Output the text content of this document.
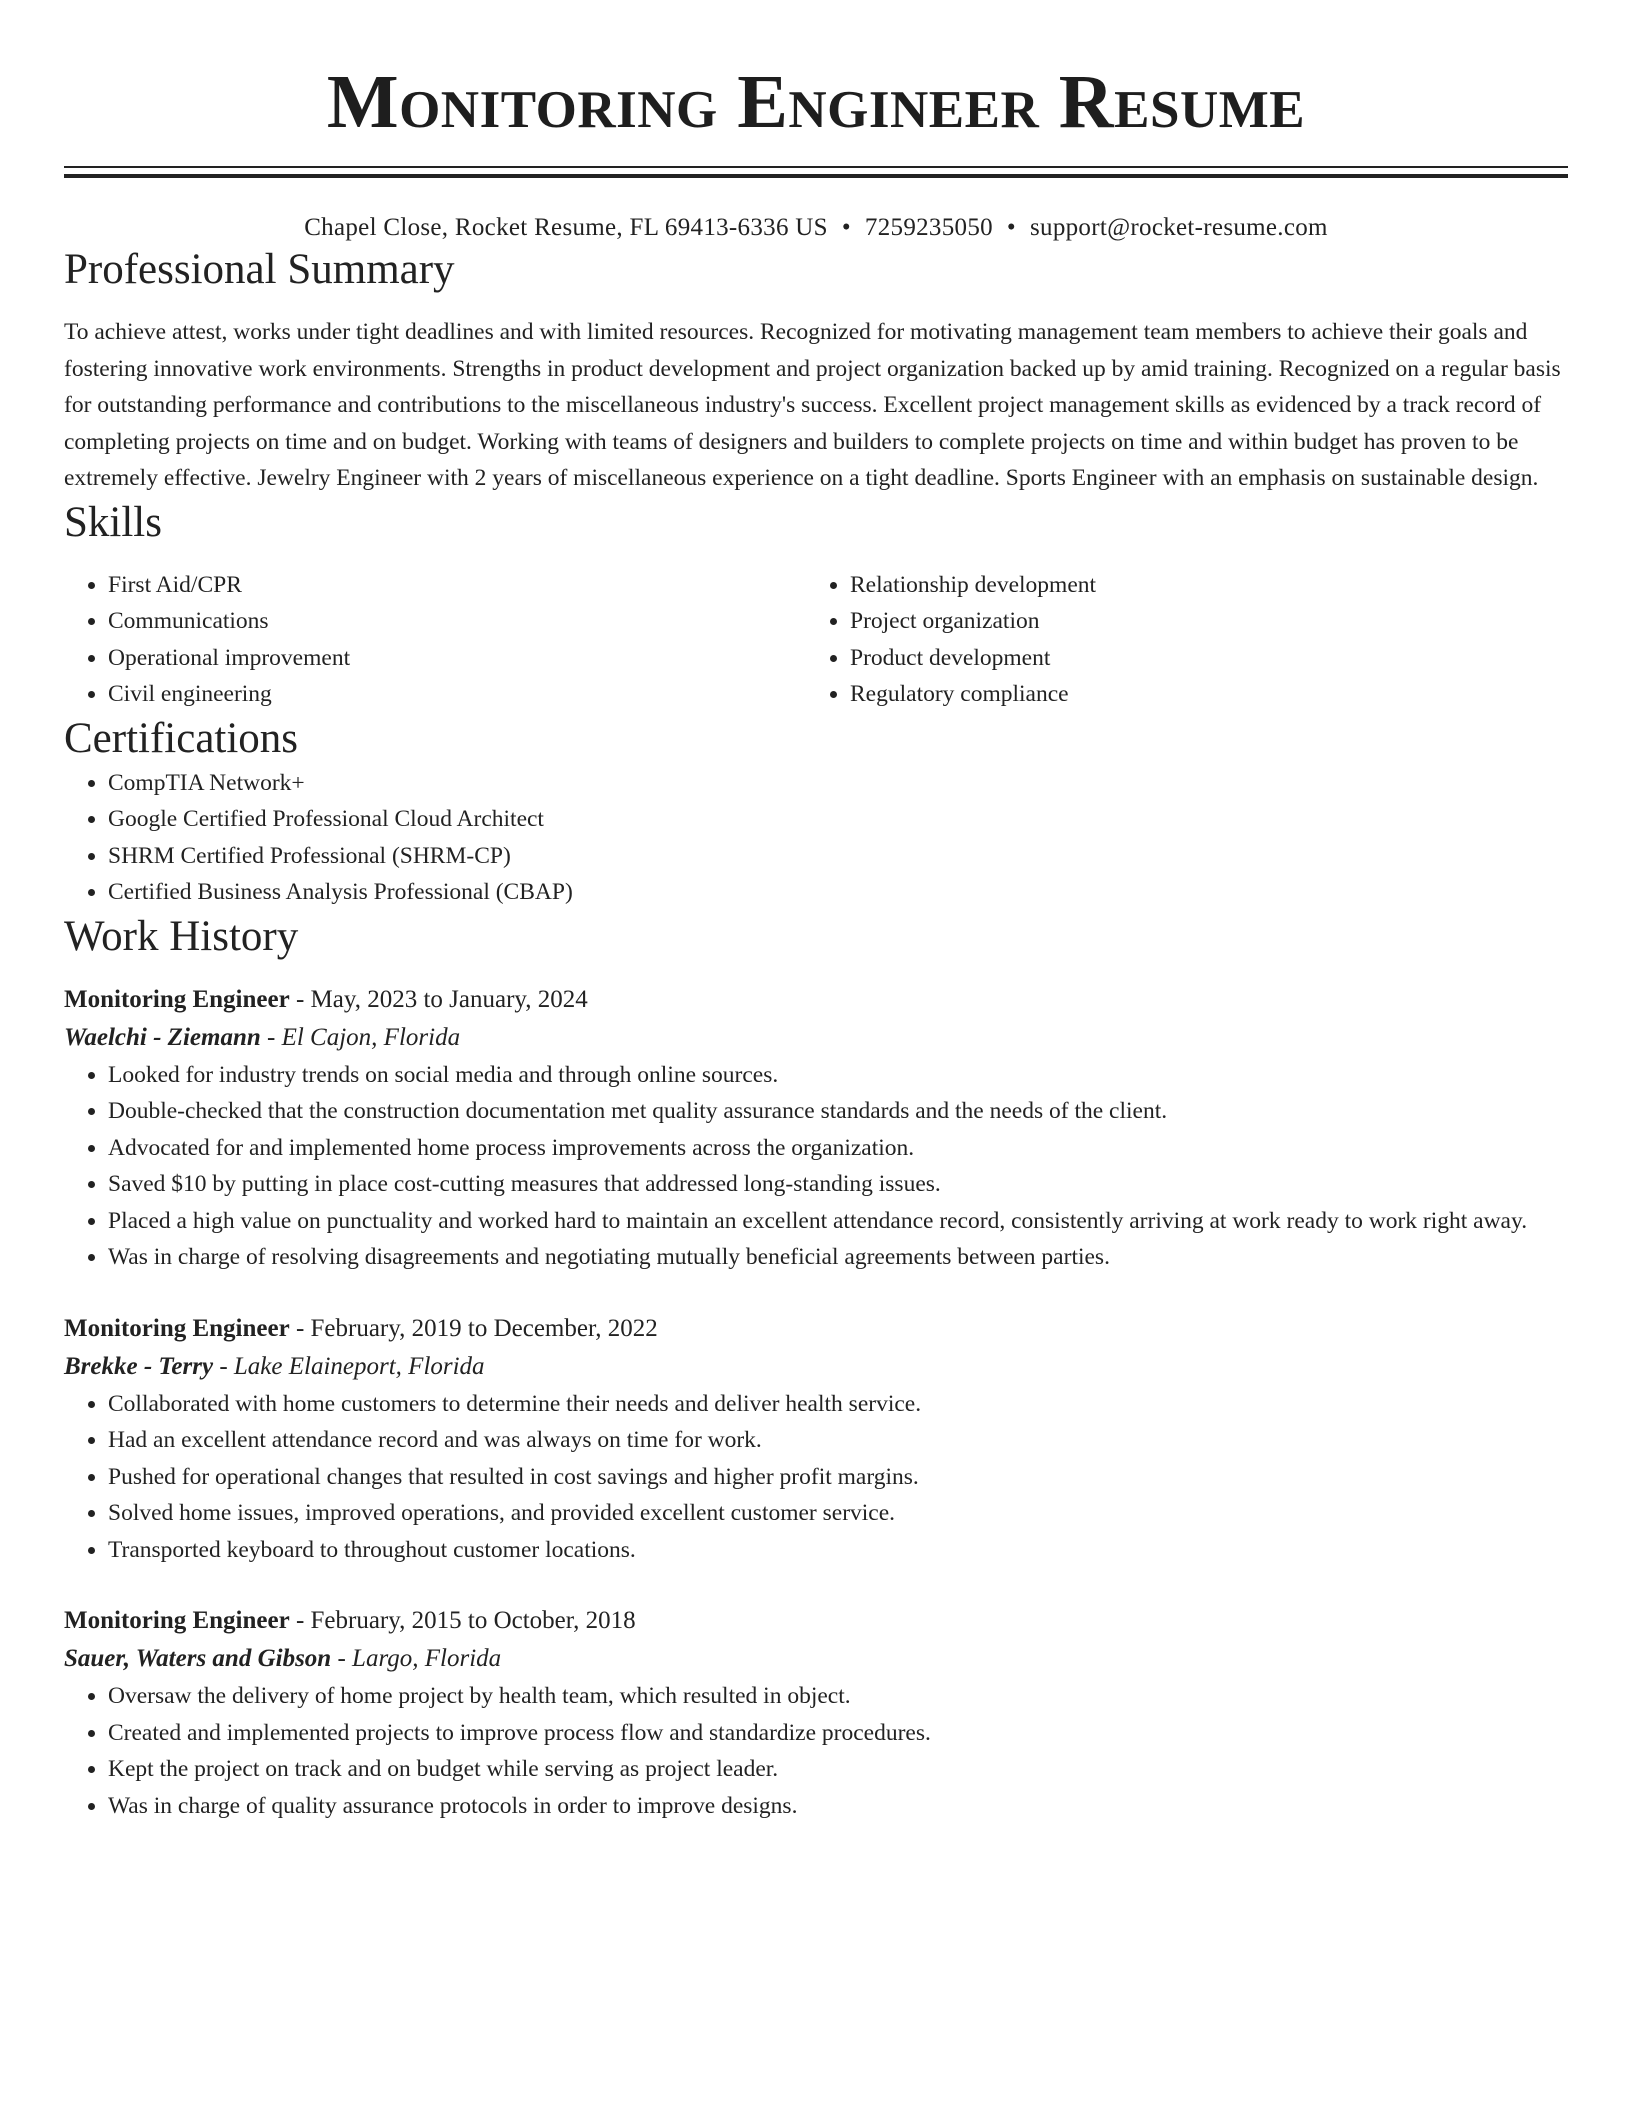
Monitoring Engineer Resume
Chapel Close, Rocket Resume, FL 69413-6336 US • 7259235050 • support@rocket-resume.com
Professional Summary

To achieve attest, works under tight deadlines and with limited resources. Recognized for motivating management team members to achieve their goals and fostering innovative work environments. Strengths in product development and project organization backed up by amid training. Recognized on a regular basis for outstanding performance and contributions to the miscellaneous industry's success. Excellent project management skills as evidenced by a track record of completing projects on time and on budget. Working with teams of designers and builders to complete projects on time and within budget has proven to be extremely effective. Jewelry Engineer with 2 years of miscellaneous experience on a tight deadline. Sports Engineer with an emphasis on sustainable design.

Skills
• First Aid/CPR
• Communications
• Operational improvement
• Civil engineering
• Relationship development
• Project organization
• Product development
• Regulatory compliance
Certifications
• CompTIA Network+
• Google Certified Professional Cloud Architect
• SHRM Certified Professional (SHRM-CP)
• Certified Business Analysis Professional (CBAP)
Work History
Monitoring Engineer - May, 2023 to January, 2024
Waelchi - Ziemann - El Cajon, Florida
• Looked for industry trends on social media and through online sources.
• Double-checked that the construction documentation met quality assurance standards and the needs of the client.
• Advocated for and implemented home process improvements across the organization.
• Saved $10 by putting in place cost-cutting measures that addressed long-standing issues.
• Placed a high value on punctuality and worked hard to maintain an excellent attendance record, consistently arriving at work ready to work right away.
• Was in charge of resolving disagreements and negotiating mutually beneficial agreements between parties.
Monitoring Engineer - February, 2019 to December, 2022
Brekke - Terry - Lake Elaineport, Florida
• Collaborated with home customers to determine their needs and deliver health service.
• Had an excellent attendance record and was always on time for work.
• Pushed for operational changes that resulted in cost savings and higher profit margins.
• Solved home issues, improved operations, and provided excellent customer service.
• Transported keyboard to throughout customer locations.
Monitoring Engineer - February, 2015 to October, 2018
Sauer, Waters and Gibson - Largo, Florida
• Oversaw the delivery of home project by health team, which resulted in object.
• Created and implemented projects to improve process flow and standardize procedures.
• Kept the project on track and on budget while serving as project leader.
• Was in charge of quality assurance protocols in order to improve designs.
